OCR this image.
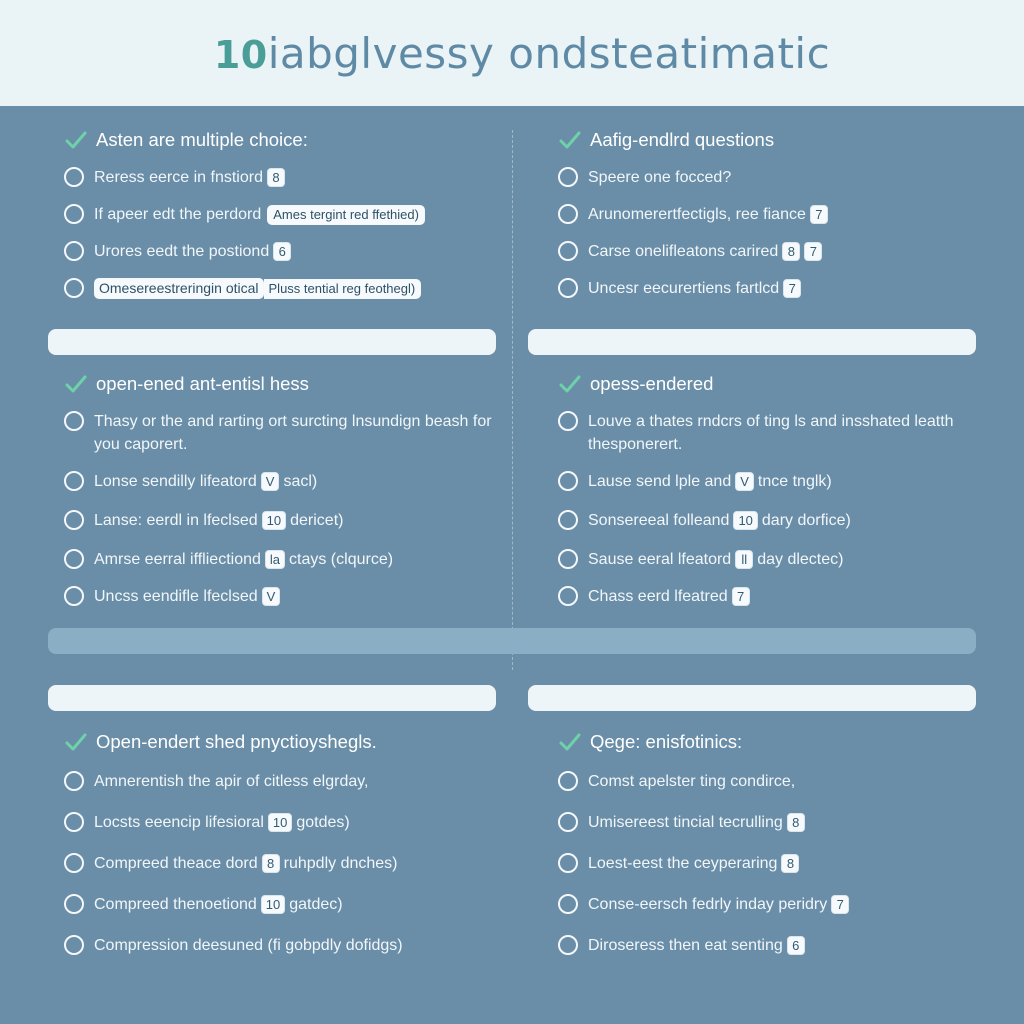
10iabglvessy ondsteatimatic
Asten are multiple choice:
Reress eerce in fnstiord 8
If apeer edt the perdord Ames tergint red ffethied)
Urores eedt the postiond 6
Omesereestreringin otical Pluss tential reg feothegl)
Aafig-endlrd questions
Speere one focced?
Arunomerertfectigls, ree fiance 7
Carse onelifleatons carired 8 7
Uncesr eecurertiens fartlcd 7
open-ened ant-entisl hess
Thasy or the and rarting ort surcting lnsundign beash for you caporert.
Lonse sendilly lifeatord V sacl)
Lanse: eerdl in lfeclsed 10 dericet)
Amrse eerral iffliectiond la ctays (clqurce)
Uncss eendifle lfeclsed V
opess-endered
Louve a thates rndcrs of ting ls and insshated leatth thesponerert.
Lause send lple and V tnce tnglk)
Sonsereeal folleand 10 dary dorfice)
Sause eeral lfeatord ll day dlectec)
Chass eerd lfeatred 7
Open-endert shed pnyctioyshegls.
Amnerentish the apir of citless elgrday,
Locsts eeencip lifesioral 10 gotdes)
Compreed theace dord 8 ruhpdly dnches)
Compreed thenoetiond 10 gatdec)
Compression deesuned (fi gobpdly dofidgs)
Qege: enisfotinics:
Comst apelster ting condirce,
Umisereest tincial tecrulling 8
Loest-eest the ceyperaring 8
Conse-eersch fedrly inday peridry 7
Diroseress then eat senting 6
